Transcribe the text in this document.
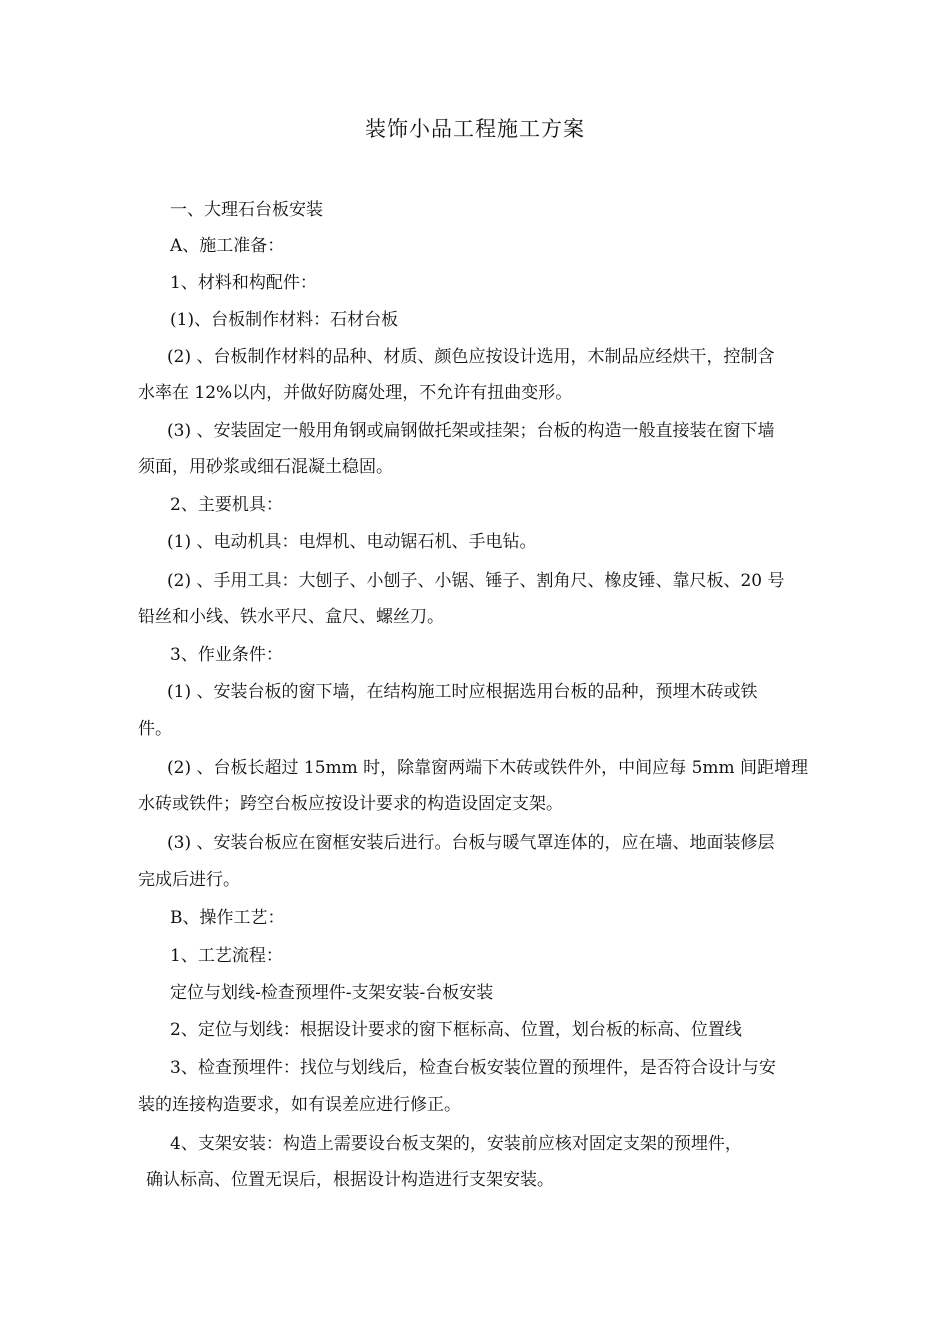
装饰小品工程施工方案
一、大理石台板安装
A、施工准备：
1、材料和构配件：
(1)、台板制作材料：石材台板
(2) 、台板制作材料的品种、材质、颜色应按设计选用，木制品应经烘干，控制含
水率在 12%以内，并做好防腐处理，不允许有扭曲变形。
(3) 、安装固定一般用角钢或扁钢做托架或挂架；台板的构造一般直接装在窗下墙
须面，用砂浆或细石混凝土稳固。
2、主要机具：
(1) 、电动机具：电焊机、电动锯石机、手电钻。
(2) 、手用工具：大刨子、小刨子、小锯、锤子、割角尺、橡皮锤、靠尺板、20 号
铅丝和小线、铁水平尺、盒尺、螺丝刀。
3、作业条件：
(1) 、安装台板的窗下墙，在结构施工时应根据选用台板的品种，预埋木砖或铁
件。
(2) 、台板长超过 15mm 时，除靠窗两端下木砖或铁件外，中间应每 5mm 间距增理
水砖或铁件；跨空台板应按设计要求的构造设固定支架。
(3) 、安装台板应在窗框安装后进行。台板与暖气罩连体的，应在墙、地面装修层
完成后进行。
B、操作工艺：
1、工艺流程：
定位与划线-检查预埋件-支架安装-台板安装
2、定位与划线：根据设计要求的窗下框标高、位置，划台板的标高、位置线
3、检查预埋件：找位与划线后，检查台板安装位置的预埋件，是否符合设计与安
装的连接构造要求，如有误差应进行修正。
4、支架安装：构造上需要设台板支架的，安装前应核对固定支架的预埋件，
确认标高、位置无误后，根据设计构造进行支架安装。
